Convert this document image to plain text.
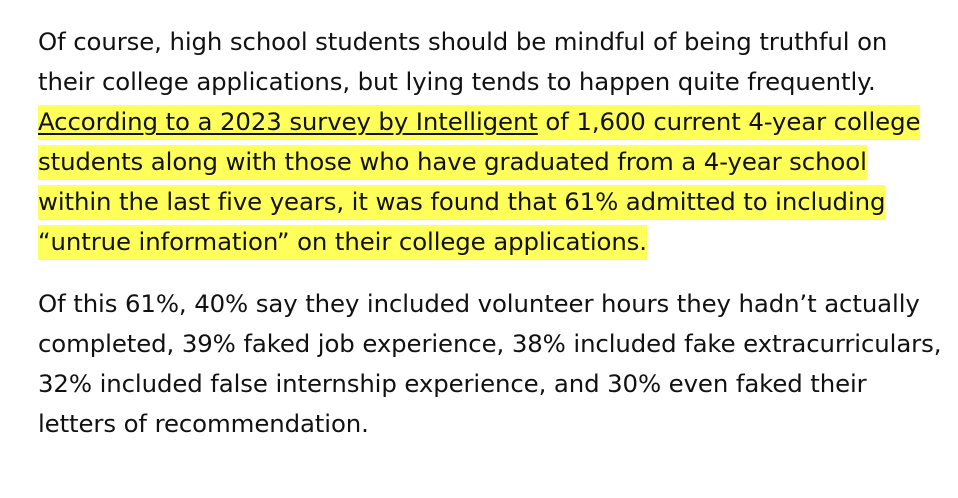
Of course, high school students should be mindful of being truthful on their college applications, but lying tends to happen quite frequently. According to a 2023 survey by Intelligent of 1,600 current 4-year college students along with those who have graduated from a 4-year school within the last five years, it was found that 61% admitted to including “untrue information” on their college applications.

Of this 61%, 40% say they included volunteer hours they hadn’t actually completed, 39% faked job experience, 38% included fake extracurriculars, 32% included false internship experience, and 30% even faked their letters of recommendation.
